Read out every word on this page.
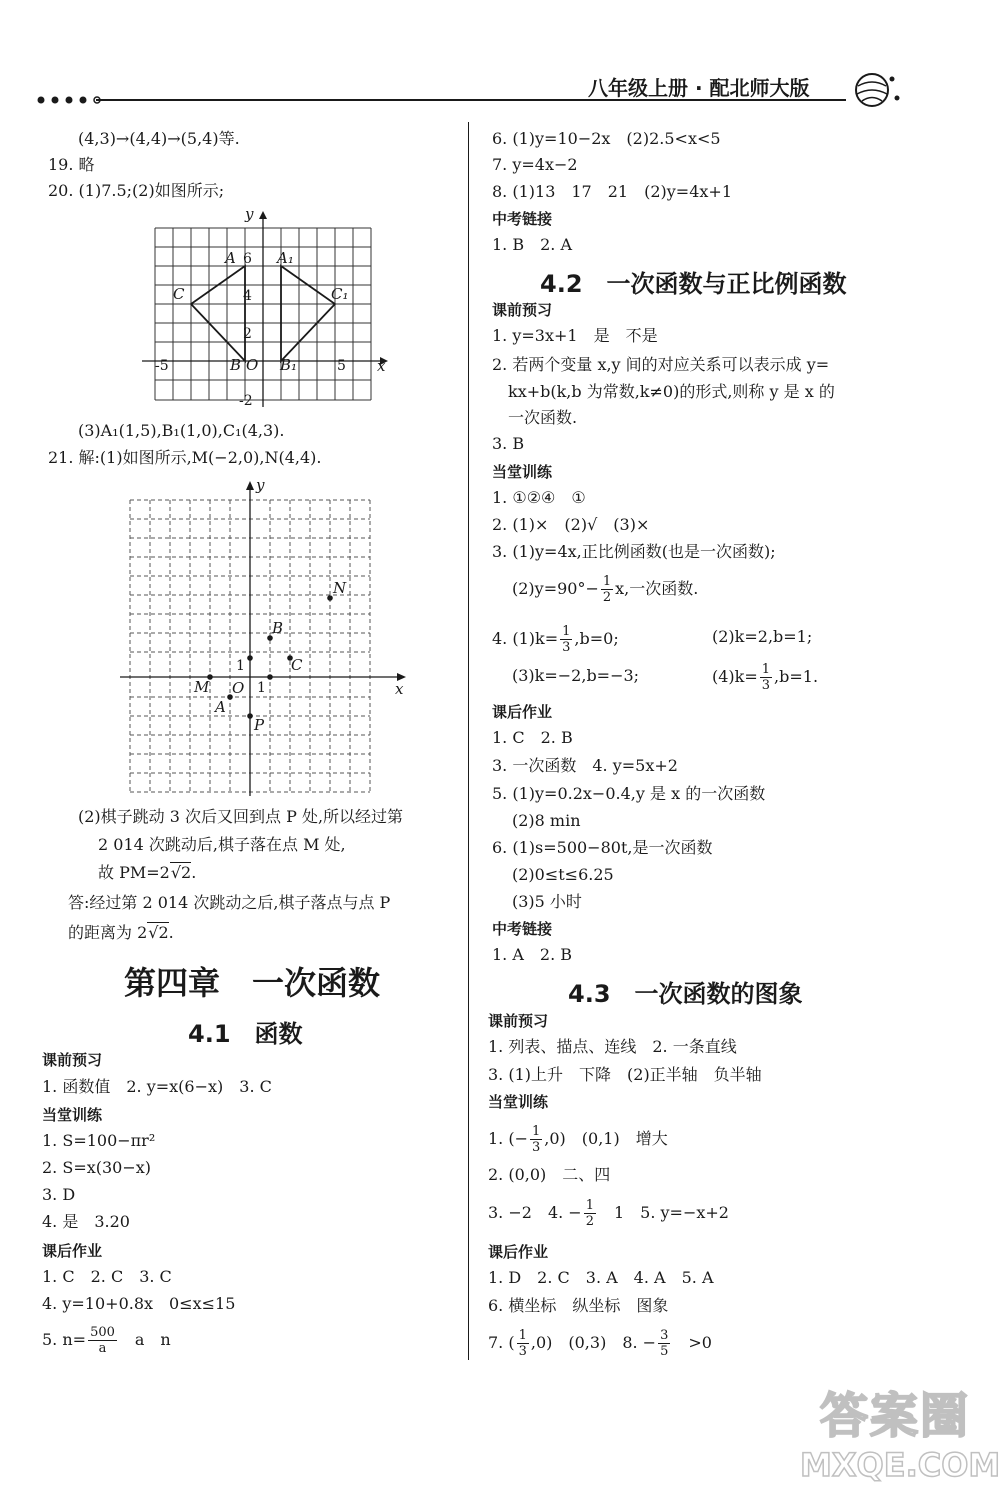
八年级上册 · 配北师大版
(4,3)→(4,4)→(5,4)等.
19. 略
20. (1)7.5;(2)如图所示;
y
x
A	A₁
C	C₁
B	B₁
O
6
4
2
-2
-5	5
(3)A₁(1,5),B₁(1,0),C₁(4,3).
21. 解:(1)如图所示,M(−2,0),N(4,4).
y
x
N
B
C
M O
A
P
1
1
(2)棋子跳动 3 次后又回到点 P 处,所以经过第
2 014 次跳动后,棋子落在点 M 处,
故 PM=2√2.
答:经过第 2 014 次跳动之后,棋子落点与点 P
的距离为 2√2.
第四章　一次函数
4.1　函数
课前预习
1. 函数值　2. y=x(6−x)　3. C
当堂训练
1. S=100−πr²
2. S=x(30−x)
3. D
4. 是　3.20
课后作业
1. C　2. C　3. C
4. y=10+0.8x　0≤x≤15
5. $n= \frac{500}{a}$ 　a　n
6. (1)y=10−2x　(2)2.5<x<5
7. y=4x−2
8. (1)13　17　21　(2)y=4x+1
中考链接
1. B　2. A
4.2　一次函数与正比例函数
课前预习
1. y=3x+1　是　不是
2. 若两个变量 x,y 间的对应关系可以表示成 y=
kx+b(k,b 为常数,k≠0)的形式,则称 y 是 x 的
一次函数.
3. B
当堂训练
1. ①②④　①
2. (1)×　(2)√　(3)×
3. (1)y=4x,正比例函数(也是一次函数);
$(2)y=90^\circ- \frac{1}{2} x$,一次函数.
4. $(1)k= \frac{1}{3} ,b=0$;	(2)k=2,b=1;
(3)k=−2,b=−3;	$(4)k= \frac{1}{3} ,b=1$.
课后作业
1. C　2. B
3. 一次函数　4. y=5x+2
5. (1)y=0.2x−0.4,y 是 x 的一次函数
(2)8 min
6. (1)s=500−80t,是一次函数
(2)0≤t≤6.25
(3)5 小时
中考链接
1. A　2. B
4.3　一次函数的图象
课前预习
1. 列表、描点、连线　2. 一条直线
3. (1)上升　下降　(2)正半轴　负半轴
当堂训练
1. (− $\frac{1}{3} ,0$)　(0,1)　增大
2. (0,0)　二、四
3. −2　4. − $\frac{1}{2}$ 　1　5. y=−x+2
课后作业
1. D　2. C　3. A　4. A　5. A
6. 横坐标　纵坐标　图象
7. ( $\frac{1}{3} ,0$)　(0,3)　8. − $\frac{3}{5}$ 　>0
答案圈
MXQE.COM
